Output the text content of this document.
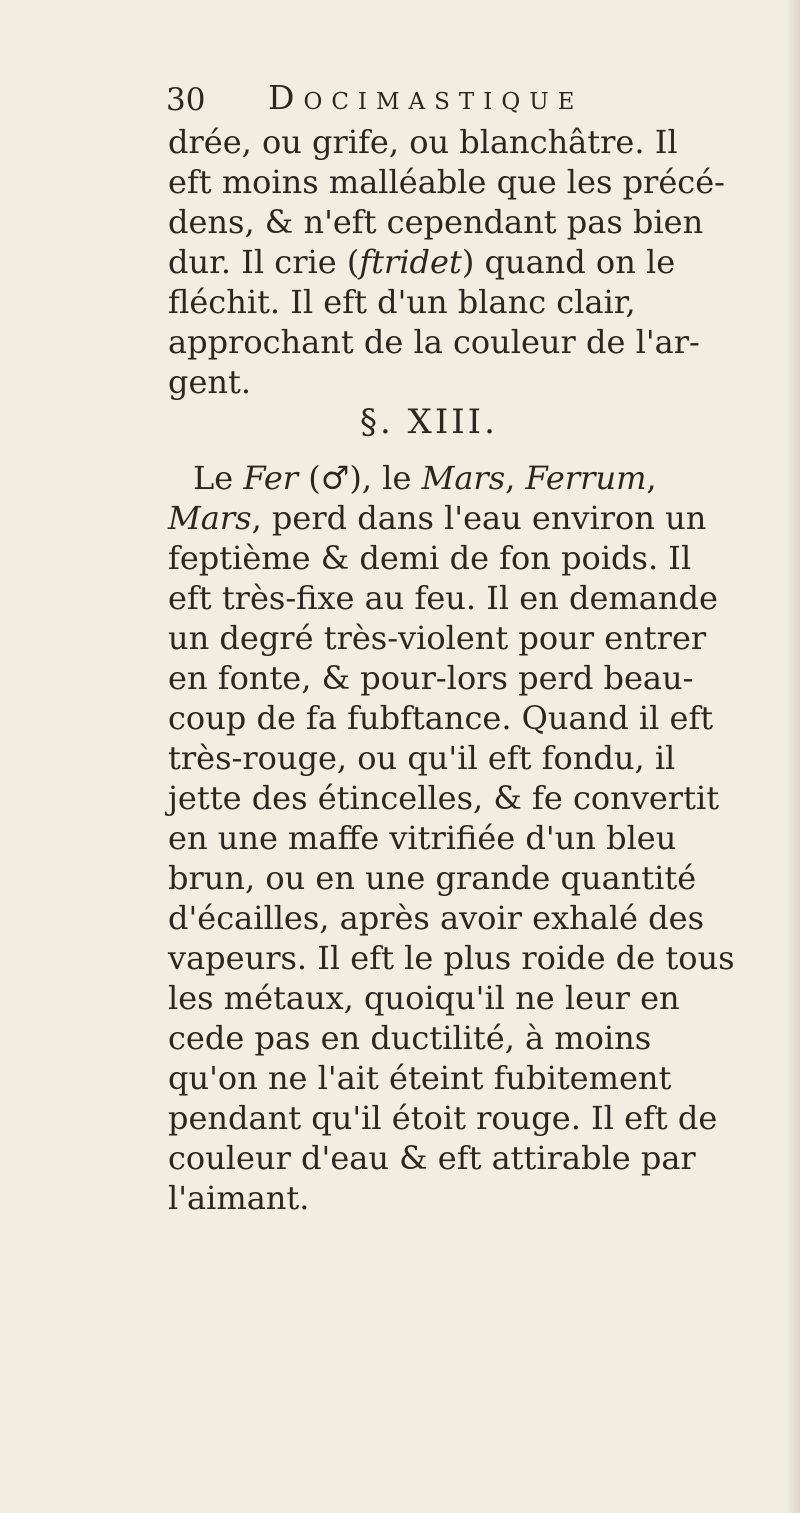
30 Docimastique

drée, ou grife, ou blanchâtre. Il

eft moins malléable que les précé-

dens, & n'eft cependant pas bien

dur. Il crie (ftridet) quand on le

fléchit. Il eft d'un blanc clair,

approchant de la couleur de l'ar-

gent.

§. XIII.

Le Fer (♂), le Mars, Ferrum,

Mars, perd dans l'eau environ un

feptième & demi de fon poids. Il

eft très-fixe au feu. Il en demande

un degré très-violent pour entrer

en fonte, & pour-lors perd beau-

coup de fa fubftance. Quand il eft

très-rouge, ou qu'il eft fondu, il

jette des étincelles, & fe convertit

en une maffe vitrifiée d'un bleu

brun, ou en une grande quantité

d'écailles, après avoir exhalé des

vapeurs. Il eft le plus roide de tous

les métaux, quoiqu'il ne leur en

cede pas en ductilité, à moins

qu'on ne l'ait éteint fubitement

pendant qu'il étoit rouge. Il eft de

couleur d'eau & eft attirable par

l'aimant.
